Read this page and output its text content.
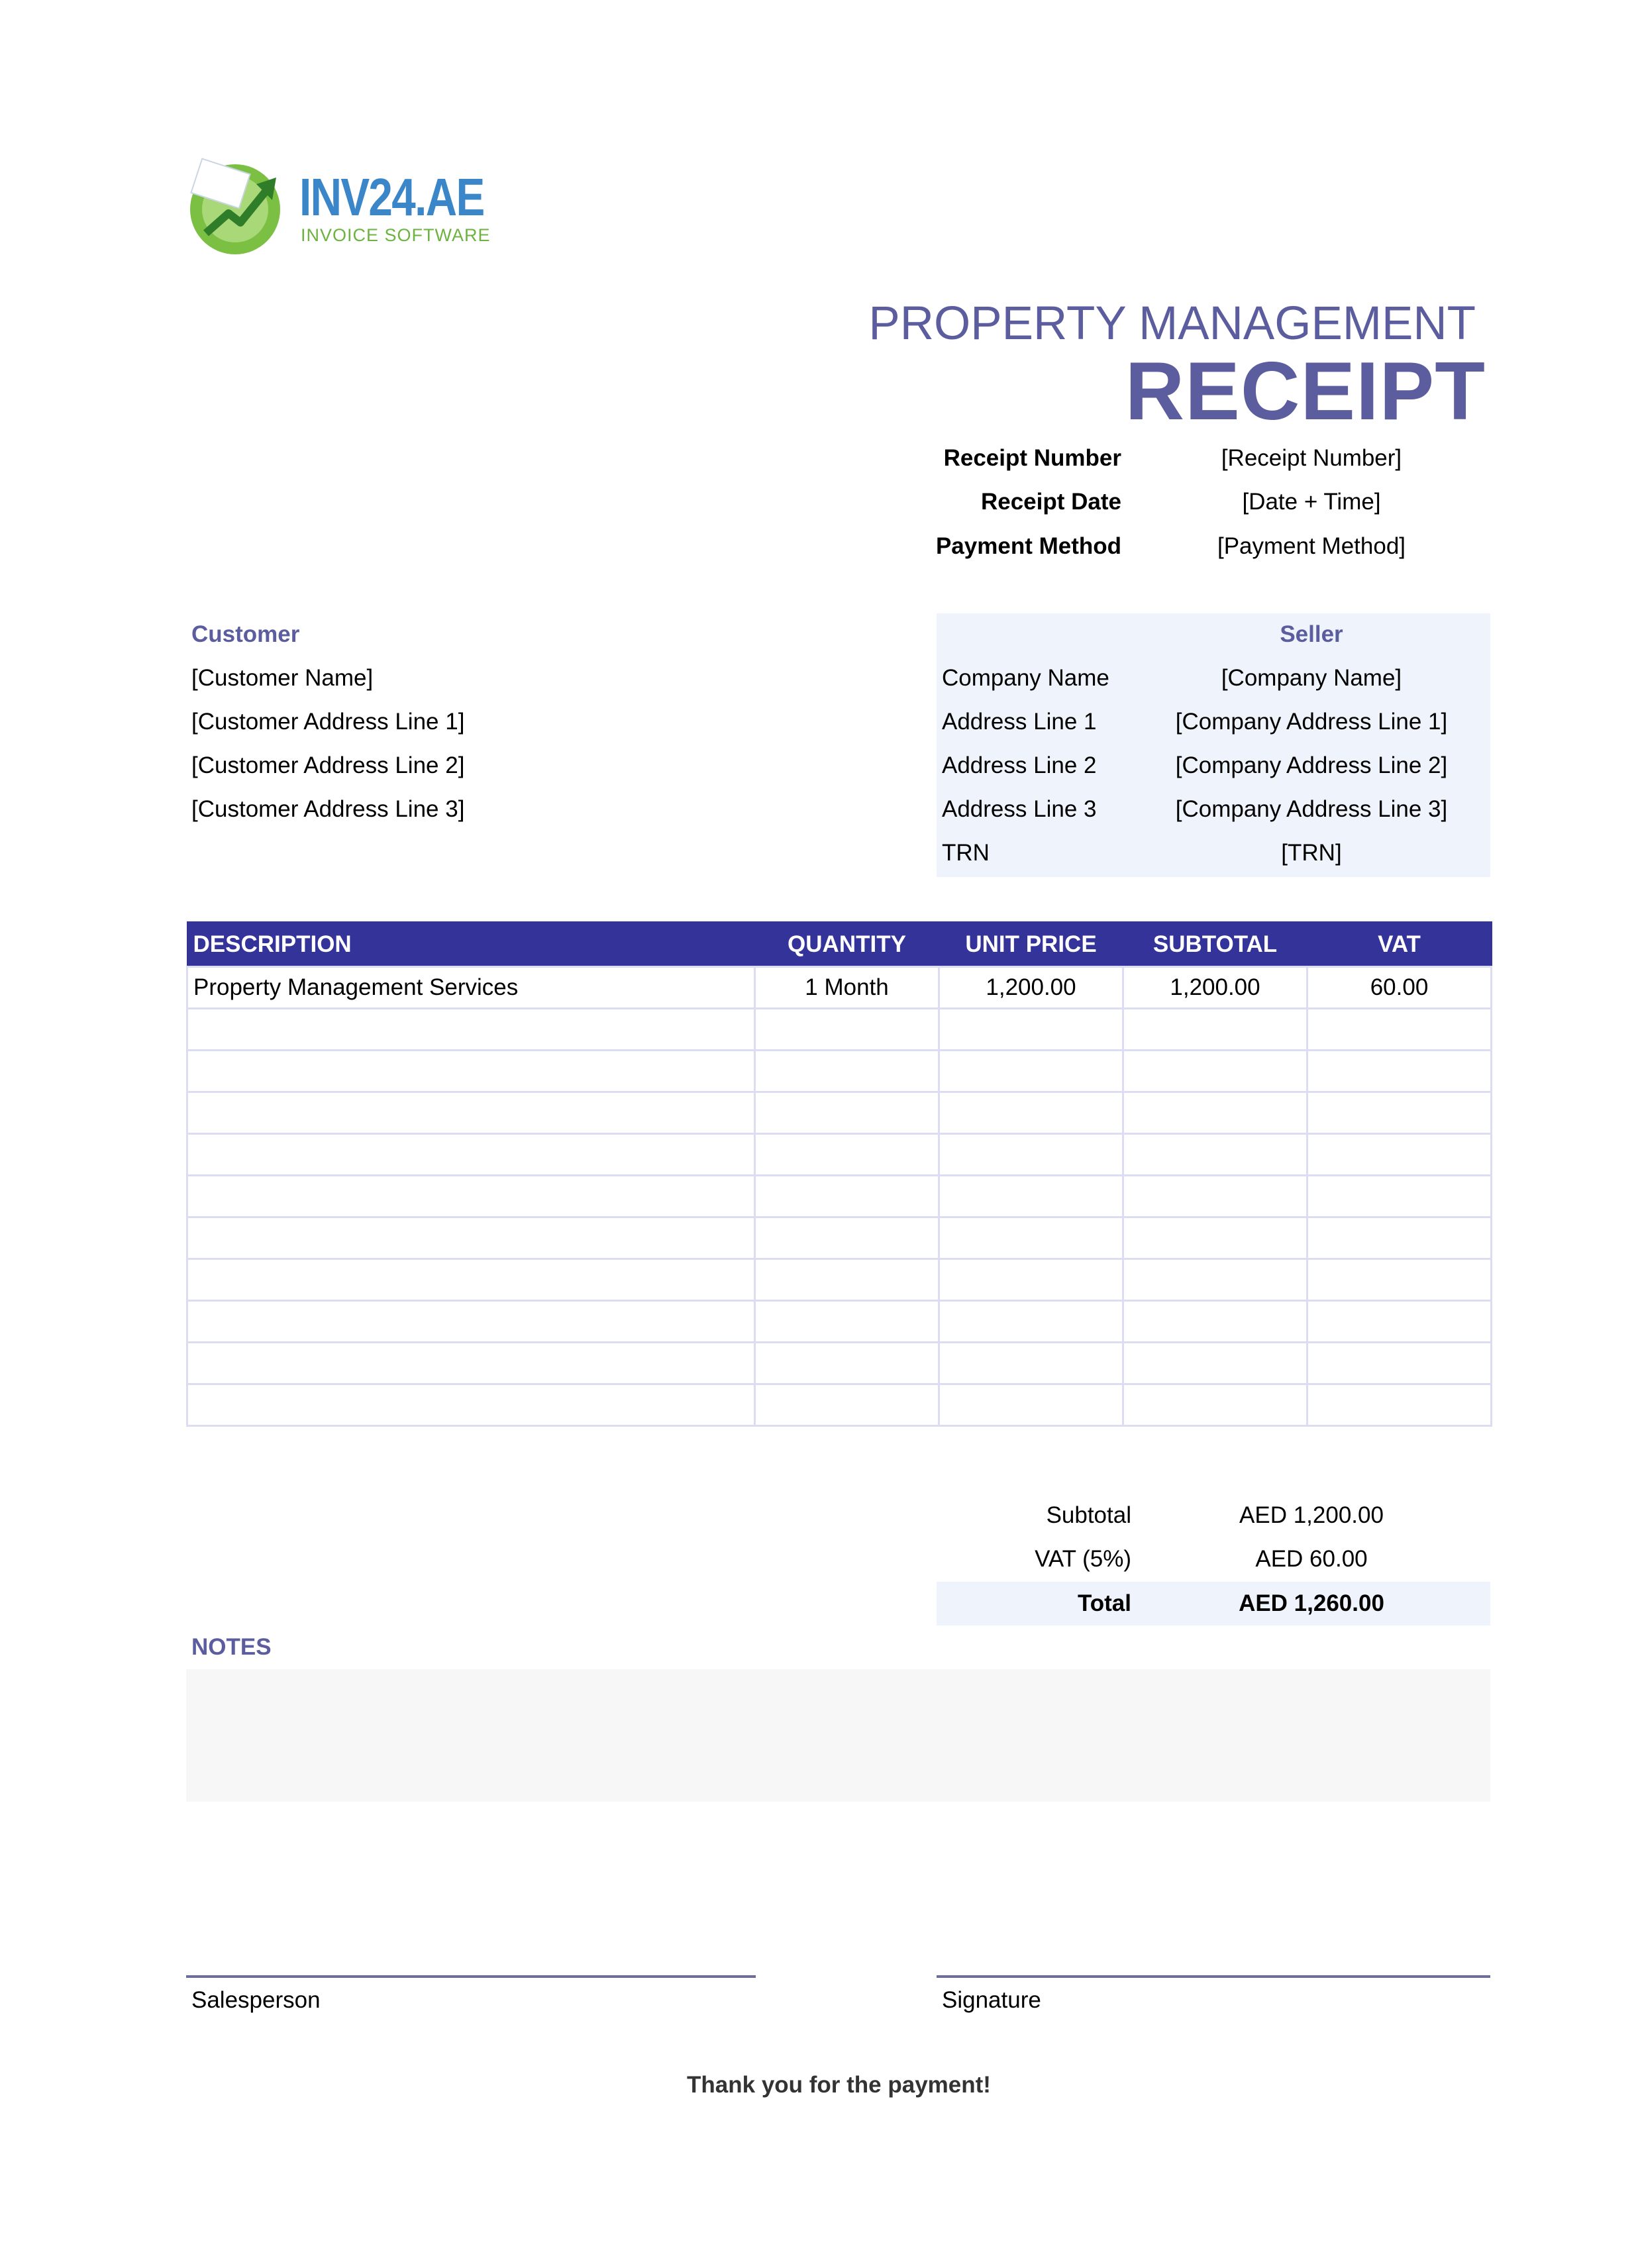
INV24.AE
INVOICE SOFTWARE
PROPERTY MANAGEMENT
RECEIPT
Receipt Number	[Receipt Number]
Receipt Date	[Date + Time]
Payment Method	[Payment Method]
Customer
[Customer Name]
[Customer Address Line 1]
[Customer Address Line 2]
[Customer Address Line 3]
Seller
Company Name	[Company Name]
Address Line 1	[Company Address Line 1]
Address Line 2	[Company Address Line 2]
Address Line 3	[Company Address Line 3]
TRN	[TRN]
DESCRIPTION	QUANTITY	UNIT PRICE	SUBTOTAL	VAT
Property Management Services	1 Month	1,200.00	1,200.00	60.00

Subtotal	AED 1,200.00
VAT (5%)	AED 60.00
Total	AED 1,260.00
NOTES
Salesperson	Signature
Thank you for the payment!
